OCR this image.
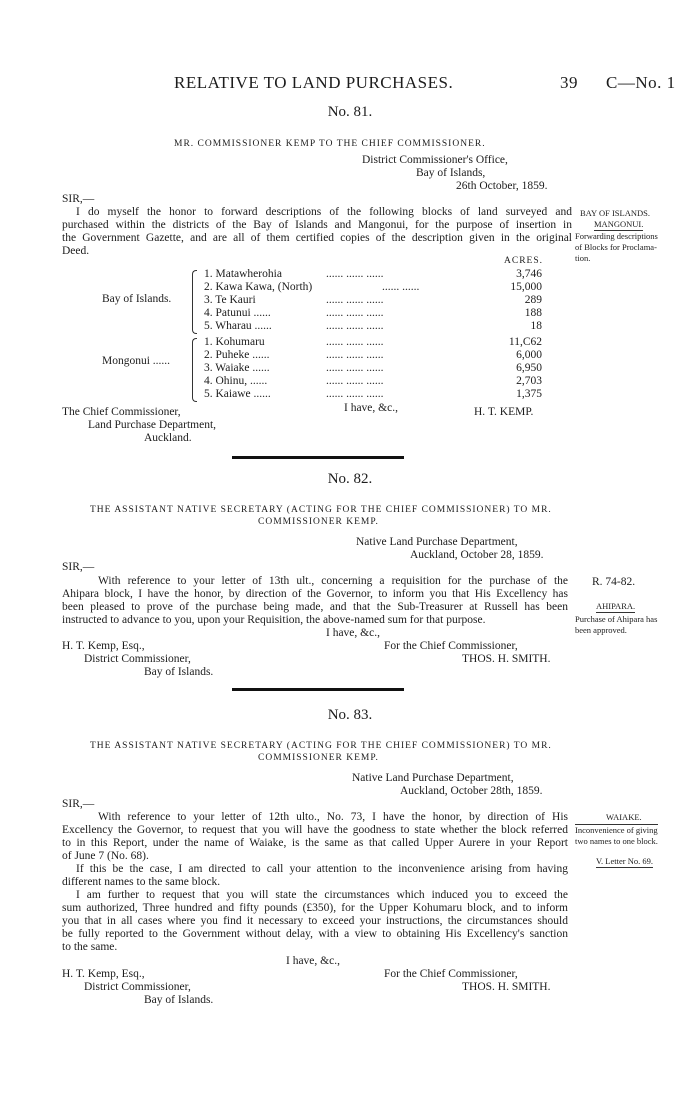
RELATIVE TO LAND PURCHASES.	39 C—No. 1
No. 81.
MR. COMMISSIONER KEMP TO THE CHIEF COMMISSIONER.
District Commissioner's Office,
Bay of Islands,
26th October, 1859.
SIR,—
I do myself the honor to forward descriptions of the following blocks of land surveyed and
purchased within the districts of the Bay of Islands and Mangonui, for the purpose of insertion in
the Government Gazette, and are all of them certified copies of the description given in the original
Deed.
BAY OF ISLANDS.
MANGONUI.
Forwarding descriptions
of Blocks for Proclama-
tion.
ACRES.
Bay of Islands.
Mongonui ......
1. Matawherohia	...... ...... ......	3,746
2. Kawa Kawa, (North)	...... ......	15,000
3. Te Kauri	...... ...... ......	289
4. Patunui ......	...... ...... ......	188
5. Wharau ......	...... ...... ......	18
1. Kohumaru	...... ...... ......	11,C62
2. Puheke ......	...... ...... ......	6,000
3. Waiake ......	...... ...... ......	6,950
4. Ohinu, ......	...... ...... ......	2,703
5. Kaiawe ......	...... ...... ......	1,375
I have, &c.,	H. T. KEMP.
The Chief Commissioner,
Land Purchase Department,
Auckland.
No. 82.
THE ASSISTANT NATIVE SECRETARY (ACTING FOR THE CHIEF COMMISSIONER) TO MR.
COMMISSIONER KEMP.
Native Land Purchase Department,
Auckland, October 28, 1859.
SIR,—
With reference to your letter of 13th ult., concerning a requisition for the purchase of the
Ahipara block, I have the honor, by direction of the Governor, to inform you that His Excellency has
been pleased to prove of the purchase being made, and that the Sub-Treasurer at Russell has been
instructed to advance to you, upon your Requisition, the above-named sum for that purpose.
I have, &c.,
H. T. Kemp, Esq.,
District Commissioner,
Bay of Islands.
For the Chief Commissioner,
THOS. H. SMITH.
R. 74-82.
AHIPARA.
Purchase of Ahipara has
been approved.
No. 83.
THE ASSISTANT NATIVE SECRETARY (ACTING FOR THE CHIEF COMMISSIONER) TO MR.
COMMISSIONER KEMP.
Native Land Purchase Department,
Auckland, October 28th, 1859.
SIR,—
With reference to your letter of 12th ulto., No. 73, I have the honor, by direction of His
Excellency the Governor, to request that you will have the goodness to state whether the block referred
to in this Report, under the name of Waiake, is the same as that called Upper Aurere in your Report
of June 7 (No. 68).
If this be the case, I am directed to call your attention to the inconvenience arising from having
different names to the same block.
I am further to request that you will state the circumstances which induced you to exceed the
sum authorized, Three hundred and fifty pounds (£350), for the Upper Kohumaru block, and to inform
you that in all cases where you find it necessary to exceed your instructions, the circumstances should
be fully reported to the Government without delay, with a view to obtaining His Excellency's sanction
to the same.
I have, &c.,
H. T. Kemp, Esq.,
District Commissioner,
Bay of Islands.
For the Chief Commissioner,
THOS. H. SMITH.
WAIAKE.
Inconvenience of giving
two names to one block.
V. Letter No. 69.
